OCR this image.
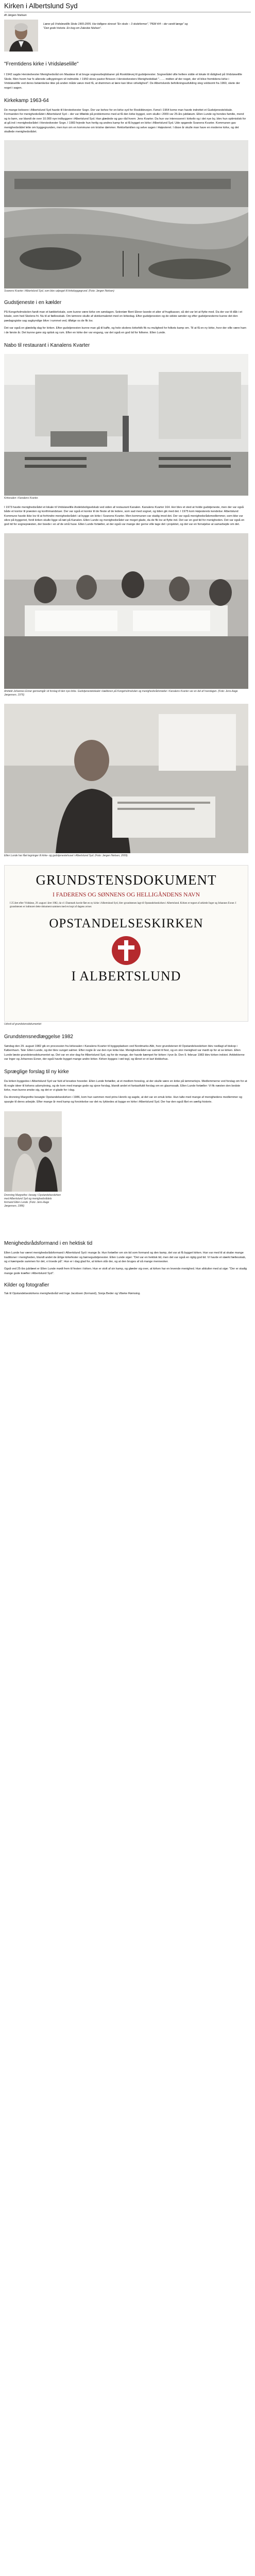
Kirken i Albertslund Syd
Af Jørgen Nielsen

Lærer på Vridsløselille Skole 1965-2005. Har tidligere skrevet "En skole – 3 skoleformer", "PEM 4/4 – der vandt længe" og "Den gode historie. En bog om Zaleskie Nielsen".

"Fremtidens kirke i Vridsløselille"

I 1942 sagde Herstedvester Menighedsråd om Maaløse til at bruge sognearbejdsbaner på Roskildevej til gudstjenester. Sognerådet ville hellere sidde et lokale til rådighed på Vridsløselille Skole. Men hvem har fx allerede udbygningen vil indmelde. I 1950 skrev pastor Brisson i Herstedvesters Menighedsblad "…… midten af der noget, der vil blive fremtidens kirke i Vridsløselille ved deres betænkelse ikke på anden måde væve med få, at drømmen at lære kan blive virkelighed". De Albertslunds befolkningsudvikling steg voldsomt fra 1960, skete der noget i sagen.

Kirkekamp 1963-64

De mange beboere i Albertslund Syd havde til Herstedvester Sogn. Der var behov for en kirke syd for Roskildevejen. Fønsl i 1964 kome man havde indrettet et Gudstjenestelokale. Formanden for menighedsrådet i Albertslund Syd – der var tilfælde på problemerne med at få den kirke bygget, som skulle i 2009 var 25-års jubilæum. Ellen Lunde og hendes familie, mend og to børn, var blandt de over 10.000 nye indbyggere i Albertslund Syd. Han glædede og gav råd hvem: Jens Kvarter. Da hun var interesseret i kirkeliv og i det nye by, blev hun optimistisk for at gå ind i menighedsrådet i Herstedvester Sogn. I 1983 fejrede hun herlig og andres kamp for at få bygget en kirke i Albertslund Syd. Ude opgøede Svanens Kvarter. Kommunen gav menighedsrådet lette om byggegrunden, men kun om en kommune om kristne dømmer. Rektorfamilien og selve sagen i Højesteret. I disse år skulle man have en moderne kirke, og det skallede menighedsrådet.

Svanens Kvarter i Albertslund Syd, som blev udpeget til kirkebyggegrund. (Foto: Jørgen Nielsen)
Gudstjeneste i en kælder

På Kongeholmskolen fandt man et kælderlokale, som kunne være kirke om søndagen. Sekretær Bent Ebner lavede et alter af frugtkasser, så det var let at flytte med. Da der var til dåb i et lokale, som hed Skolens fri. Nu til at fællesskab. Om tømrere skulle af skinkemaleriet med en kirkedag. Efter gudstjenesten og de sidste sønder og efter gudstjenesterne kunne det den pædagogiske sag sagkyndige blive i rummet ved, tilfølge os de fik lov.

Det var også en glædelig dag for kirken. Efter gudstjenesten kunne man gå til kaffe, og hele skolens kirkefolk fik nu mulighed for folkets kamp om. Til at få en ny kirke, hvor der ville være ham i de første år. Det kunne gøre sig optisk og rum. Efter en kirke der var engang, var det også en god tid for folkene. Ellen Lunde.

Nabo til restaurant i Kanalens Kvarter
Kirkesalen i Kanalens Kvarter.

I 1973 havde menighedsrådet et lokale til Vridsløselille Andelsboligselskab ved siden af restaurant Kanalen. Kanalens Kvarter 164. Her blev et sted at holde gudstjeneste, men der var også både et kontor til præsten og konfirmandstuer. Der var også et kontor til de fleste af de ledere, som sad med sognet, og tiden gik med det. I 1975 kom Højesterets kendelse: Albertslund Kommune havde ikke lov til at forhindre menighedsrådet i at bygge sin kirke i Svanens Kvarter. Men kommunen var stadig imod det. Der var også menighedsrådsmedlemmer, som ikke var sikre på byggeriet, fordi kirken skulle ligge så tæt på Kanalen. Ellen Lunde og menighedsrådet var meget glade, da de fik lov at flytte ind. Det var en god tid for menigheden. Det var også en god tid for sognepræsten, der boede i en af de små huse. Ellen Lunde fortæller, at der også var mange der gerne ville tage del i projektet, og det var en fornøjelse at samarbejde om det.

Arkitekt Johannes Exner gennemgår sit forslag til den nye kirke. Gudstjenestelokalet i kælderen på Kongeholmskolen og menighedsrådsmøder i Kanalens Kvarter var en del af hverdagen. (Foto: Jens-Aage Jørgensen, 1976)
Ellen Lunde har fået tegninger til kirke- og gudstjenestehuset i Albertslund Syd. (Foto: Jørgen Nielsen, 2009)
GRUNDSTENSDOKUMENT
I FADERENS OG SØNNENS OG HELLIGÅNDENS NAVN

I 25 året efter Vridsløse, 29. august i året 1982, da vi i Danmark havde fået en ny kirke i Albertslund Syd, blev grundstenen lagt til Opstandelseskirken i Albertslund. Kirken er tegnet af arkitekt Inger og Johannes Exner. I grundstenen er indmuret dette dokument sammen med en kopi af dagens aviser.

OPSTANDELSESKIRKEN
I ALBERTSLUND
Udsnit af grundstensdokumentet
Grundstensnedlæggelse 1982

Søndag den 29. august 1982 gik en procession fra kirkesalen i Kanalens Kvarter til byggepladsen ved Nordmarks Allé, hvor grundstenen til Opstandelseskirken blev nedlagt af biskop i København. Tale: Ellen Lunde, og der blev sunget salmer. Efter nogle år var den nye kirke klar. Menighedsrådet var samlet til fest, og en stor menighed var mødt op for at se kirken. Ellen Lunde læste grundstensdokumentet op. Det var en stor dag for Albertslund Syd, og for de mange, der havde kæmpet for kirken i tyve år. Den 9. februar 1983 blev kirken indviet. Arkitekterne var Inger og Johannes Exner, der også havde bygget mange andre kirker. Kirken bygges i rød tegl, og tårnet er et lavt klokkehus.

Spræglige forslag til ny kirke

Da kirken byggedes i Albertslund Syd var fuld af kreative hoveder. Ellen Lunde fortæller, at et medlem foreslog, at der skulle være en kirke på tømmerlejrs. Medlemmerne ved forslag om for at få nogle ideer til kirkens udsmykning, og de kom med mange gode og sjove forslag, blandt andet et fantasifuldt forslag om en glasmosaik. Ellen Lunde fortæller: Vi fik næsten den bedste kirke, man kunne ønske sig, og det er vi glade for i dag.

Da dronning Margrethe besøgte Opstandelseskirken i 1986, kom hun sammen med prins Henrik og sagde, at det var en smuk kirke. Hun talte med mange af menighedens medlemmer og spurgte til deres arbejde. Efter mange år med kamp og forsinkelse var det nu lykkedes at bygge en kirke i Albertslund Syd. Der har den også fået en særlig historie.

Dronning Margrethe i besøg i Opstandelseskirken med Albertslund Syd og menighedsrådets formand Ellen Lunde. (Foto: Jens-Aage Jørgensen, 1986)
Menighedsrådsformand i en hektisk tid

Ellen Lunde har været menighedsrådsformand i Albertslund Syd i mange år. Hun fortæller om sin tid som formand og den kamp, det var at få bygget kirken. Hun var med til at skabe mange traditioner i menigheden, blandt andet de årlige kirkefester og børnegudstjenester. Ellen Lunde siger: "Det var en hektisk tid, men det var også en rigtig god tid. Vi havde et stærkt fællesskab, og vi kæmpede sammen for det, vi troede på". Hun er i dag glad for, at kirken står der, og at den bruges af så mange mennesker.

Også ved 25-års jubilæet er Ellen Lunde mødt frem til festen i kirken. Hun er stolt af sin kamp, og glæder sig over, at kirken har en levende menighed. Hun afslutter med at sige: "Der er stadig mange gode kræfter i Albertslund Syd".

Kilder og fotografier

Tak til Opstandelseskirkens menighedsråd ved Inge Jacobsen (formand), Sonja Beder og Vibeke Rømsing.
